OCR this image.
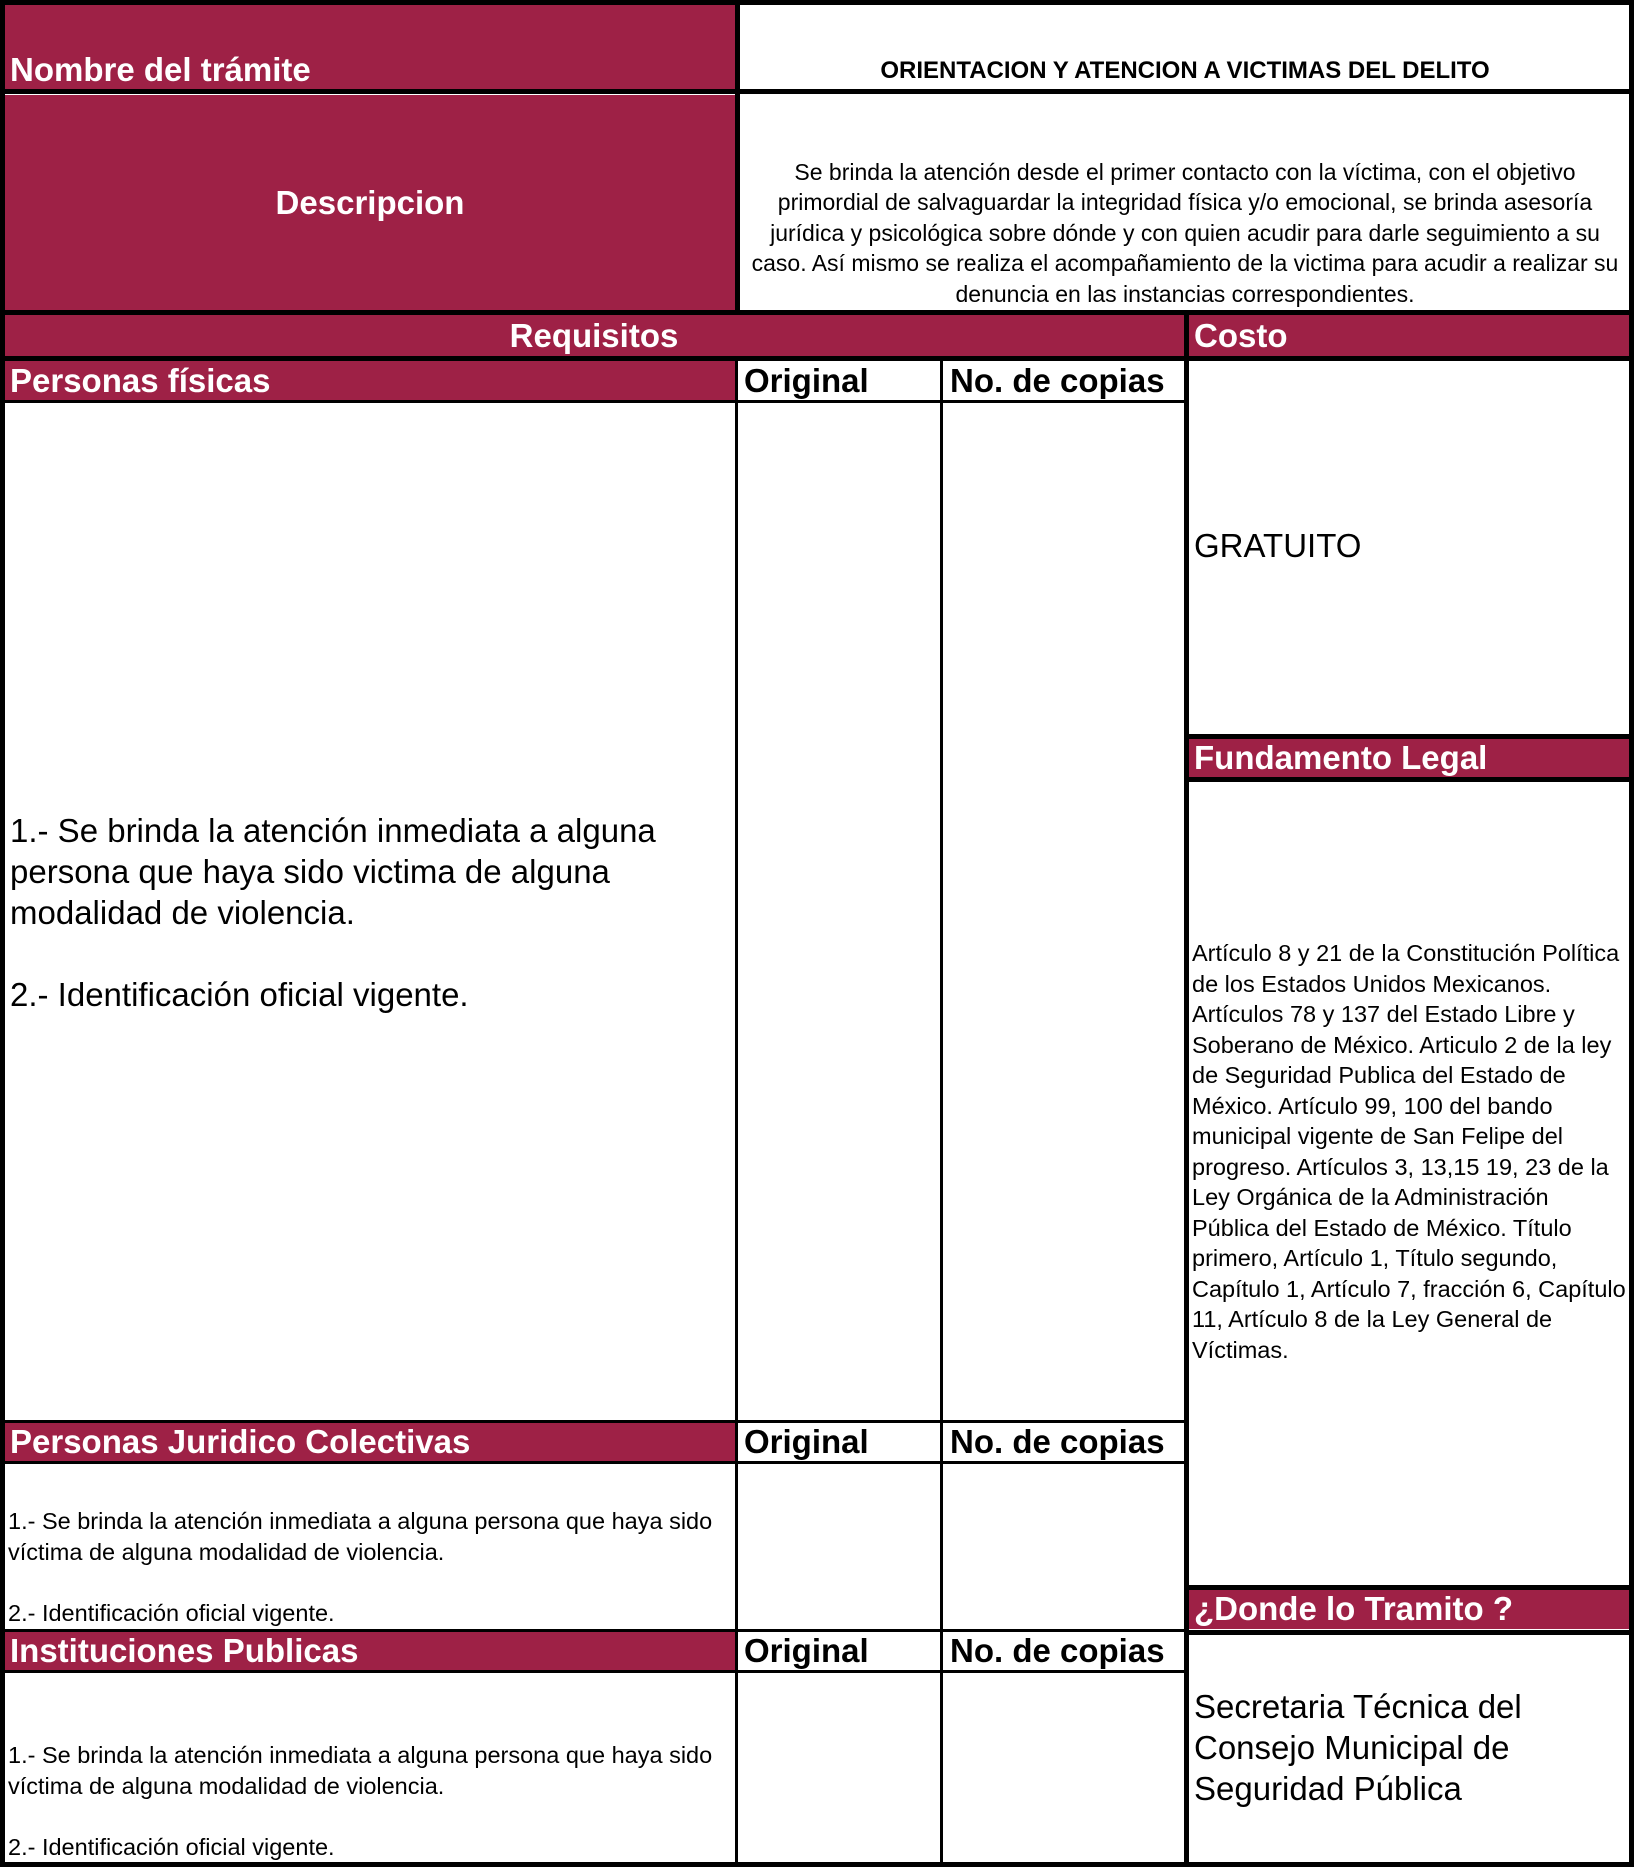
Nombre del trámite	ORIENTACION Y ATENCION A VICTIMAS DEL DELITO
Descripcion
Se brinda la atención desde el primer contacto con la víctima, con el objetivo primordial de salvaguardar la integridad física y/o emocional, se brinda asesoría jurídica y psicológica sobre dónde y con quien acudir para darle seguimiento a su caso. Así mismo se realiza el acompañamiento de la victima para acudir a realizar su denuncia en las instancias correspondientes.
Requisitos	Costo
Personas físicas	Original No. de copias
1.- Se brinda la atención inmediata a alguna persona que haya sido victima de alguna modalidad de violencia.
2.- Identificación oficial vigente.
Personas Juridico Colectivas	Original No. de copias
1.- Se brinda la atención inmediata a alguna persona que haya sido víctima de alguna modalidad de violencia.
2.- Identificación oficial vigente.
Instituciones Publicas	Original No. de copias
1.- Se brinda la atención inmediata a alguna persona que haya sido víctima de alguna modalidad de violencia.
2.- Identificación oficial vigente.
GRATUITO
Fundamento Legal
Artículo 8 y 21 de la Constitución Política de los Estados Unidos Mexicanos. Artículos 78 y 137 del Estado Libre y Soberano de México. Articulo 2 de la ley de Seguridad Publica del Estado de México. Artículo 99, 100 del bando municipal vigente de San Felipe del progreso. Artículos 3, 13,15 19, 23 de la Ley Orgánica de la Administración Pública del Estado de México. Título primero, Artículo 1, Título segundo, Capítulo 1, Artículo 7, fracción 6, Capítulo 11, Artículo 8 de la Ley General de Víctimas.
¿Donde lo Tramito ?
Secretaria Técnica del Consejo Municipal de Seguridad Pública
